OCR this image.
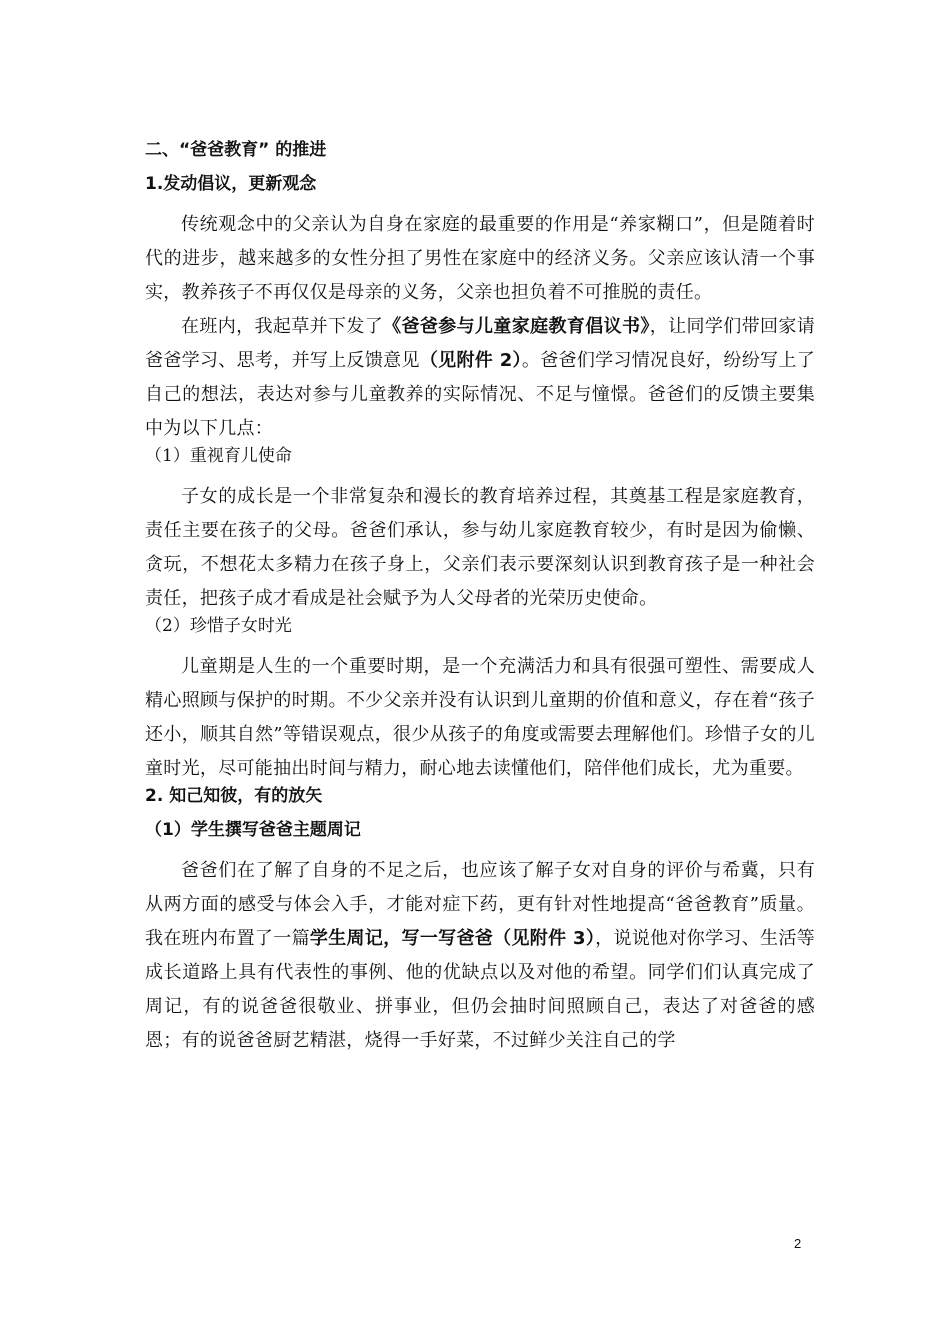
二、“爸爸教育” 的推进

1.发动倡议，更新观念

传统观念中的父亲认为自身在家庭的最重要的作用是“养家糊口”，但是随着时代的进步，越来越多的女性分担了男性在家庭中的经济义务。父亲应该认清一个事实，教养孩子不再仅仅是母亲的义务，父亲也担负着不可推脱的责任。

在班内，我起草并下发了《爸爸参与儿童家庭教育倡议书》，让同学们带回家请爸爸学习、思考，并写上反馈意见（见附件 2）。爸爸们学习情况良好，纷纷写上了自己的想法，表达对参与儿童教养的实际情况、不足与憧憬。爸爸们的反馈主要集中为以下几点：

（1）重视育儿使命

子女的成长是一个非常复杂和漫长的教育培养过程，其奠基工程是家庭教育，责任主要在孩子的父母。爸爸们承认，参与幼儿家庭教育较少，有时是因为偷懒、贪玩，不想花太多精力在孩子身上，父亲们表示要深刻认识到教育孩子是一种社会责任，把孩子成才看成是社会赋予为人父母者的光荣历史使命。

（2）珍惜子女时光

儿童期是人生的一个重要时期，是一个充满活力和具有很强可塑性、需要成人精心照顾与保护的时期。不少父亲并没有认识到儿童期的价值和意义，存在着“孩子还小，顺其自然”等错误观点，很少从孩子的角度或需要去理解他们。珍惜子女的儿童时光，尽可能抽出时间与精力，耐心地去读懂他们，陪伴他们成长，尤为重要。

2. 知己知彼，有的放矢

（1）学生撰写爸爸主题周记

爸爸们在了解了自身的不足之后，也应该了解子女对自身的评价与希冀，只有从两方面的感受与体会入手，才能对症下药，更有针对性地提高“爸爸教育”质量。我在班内布置了一篇学生周记，写一写爸爸（见附件 3），说说他对你学习、生活等成长道路上具有代表性的事例、他的优缺点以及对他的希望。同学们们认真完成了周记，有的说爸爸很敬业、拼事业，但仍会抽时间照顾自己，表达了对爸爸的感恩；有的说爸爸厨艺精湛，烧得一手好菜，不过鲜少关注自己的学

2
